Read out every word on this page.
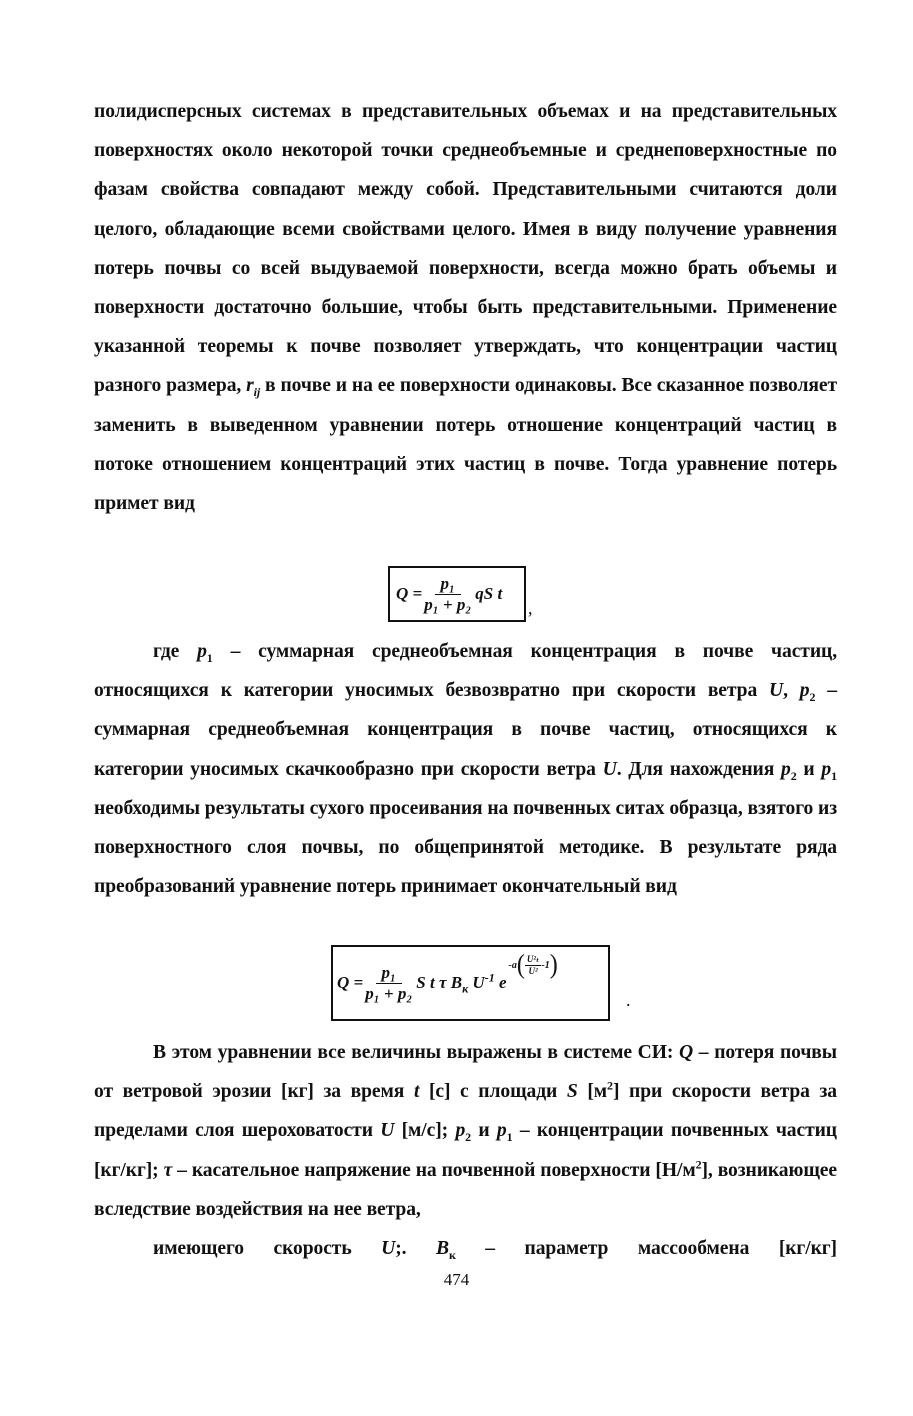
полидисперсных системах в представительных объемах и на представительных поверхностях около некоторой точки среднеобъемные и среднеповерхностные по фазам свойства совпадают между собой. Представительными считаются доли целого, обладающие всеми свойствами целого. Имея в виду получение уравнения потерь почвы со всей выдуваемой поверхности, всегда можно брать объемы и поверхности достаточно большие, чтобы быть представительными. Применение указанной теоремы к почве позволяет утверждать, что концентрации частиц разного размера, $r_{ij}$ в почве и на ее поверхности одинаковы. Все сказанное позволяет заменить в выведенном уравнении потерь отношение концентраций частиц в потоке отношением концентраций этих частиц в почве. Тогда уравнение потерь примет вид
$Q = \frac{\text{p₁}}{\text{p₁ + p₂}}$ qS t
,
где $p_1$ – суммарная среднеобъемная концентрация в почве частиц, относящихся к категории уносимых безвозвратно при скорости ветра U, $p_2$ – суммарная среднеобъемная концентрация в почве частиц, относящихся к категории уносимых скачкообразно при скорости ветра U. Для нахождения $p_2$ и $p_1$ необходимы результаты сухого просеивания на почвенных ситах образца, взятого из поверхностного слоя почвы, по общепринятой методике. В результате ряда преобразований уравнение потерь принимает окончательный вид
$Q = \frac{\text{p₁}}{\text{p₁ + p₂}}$ S t τ $B_к$ $U^{-1}$ e
-a ( U²ₜ
U² -1 )
.
В этом уравнении все величины выражены в системе СИ: Q – потеря почвы от ветровой эрозии [кг] за время t [с] с площади S $[м^2]$ при скорости ветра за пределами слоя шероховатости U [м/с]; $p_2$ и $p_1$ – концентрации почвенных частиц [кг/кг]; τ – касательное напряжение на почвенной поверхности $[Н/м^2]$, возникающее вследствие воздействия на нее ветра,
имеющего скорость U;. $B_к$ – параметр массообмена [кг/кг]
474
